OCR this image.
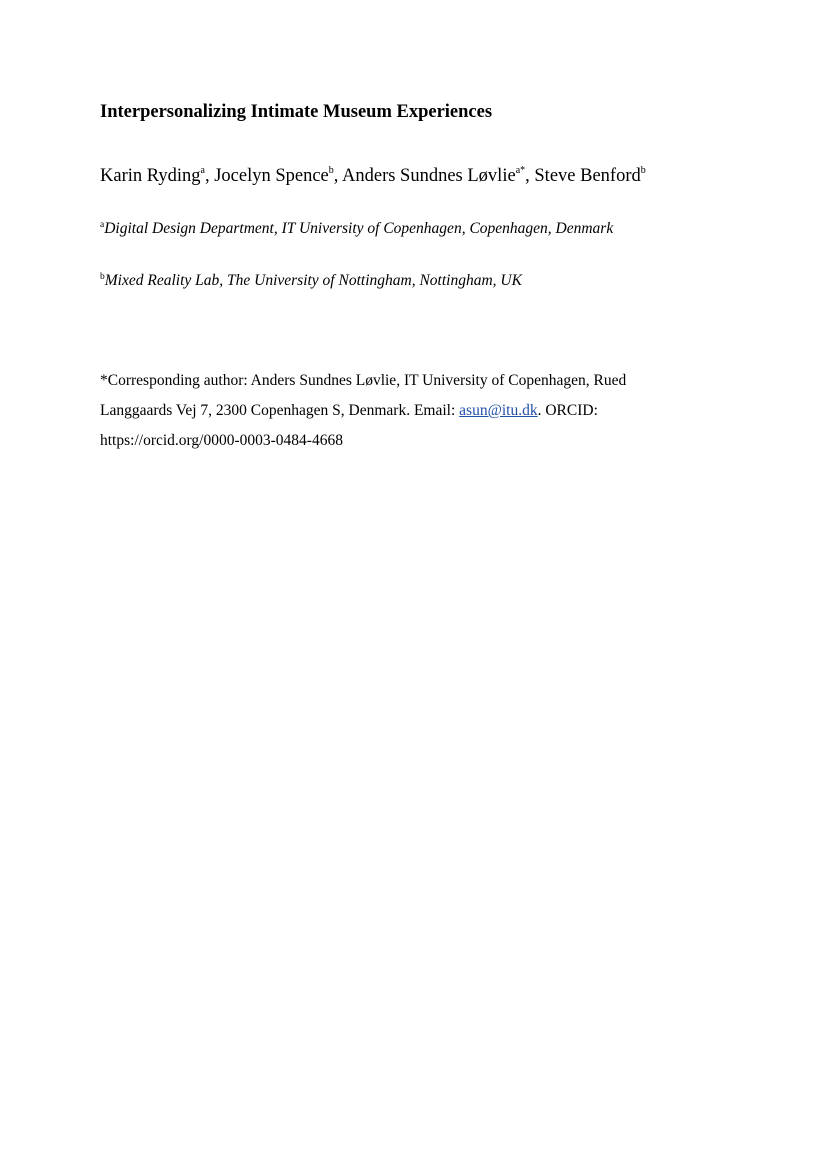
Interpersonalizing Intimate Museum Experiences
Karin Ryding$^a$, Jocelyn Spence$^b$, Anders Sundnes Løvlie$^{a*}$, Steve Benford$^b$
$^a$Digital Design Department, IT University of Copenhagen, Copenhagen, Denmark
$^b$Mixed Reality Lab, The University of Nottingham, Nottingham, UK
*Corresponding author: Anders Sundnes Løvlie, IT University of Copenhagen, Rued
Langgaards Vej 7, 2300 Copenhagen S, Denmark. Email: asun@itu.dk. ORCID:
https://orcid.org/0000-0003-0484-4668
